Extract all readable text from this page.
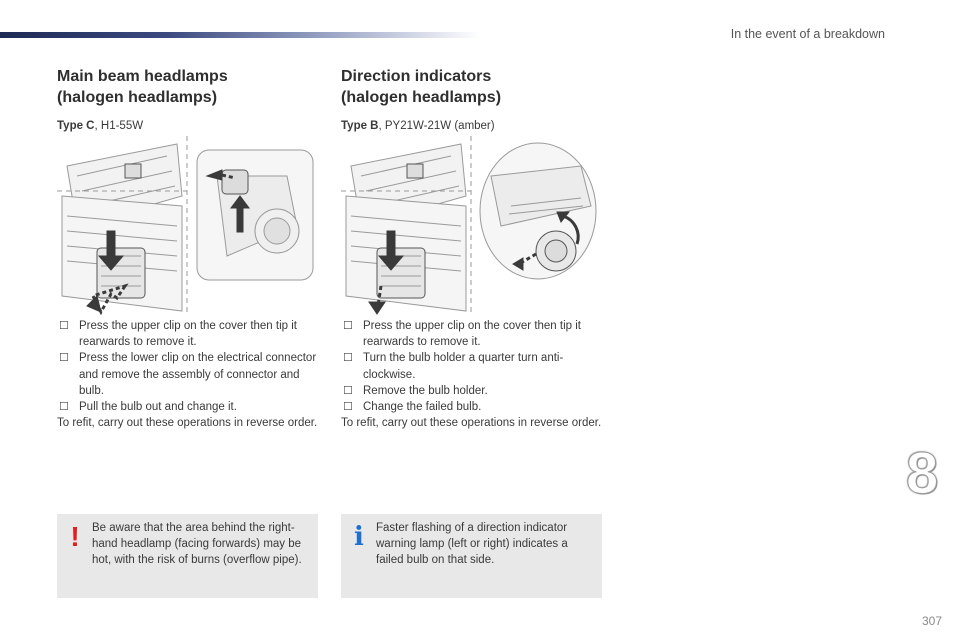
In the event of a breakdown
Main beam headlamps
(halogen headlamps)
Type C, H1-55W
☐ Press the upper clip on the cover then tip it rearwards to remove it.
☐ Press the lower clip on the electrical connector and remove the assembly of connector and bulb.
☐ Pull the bulb out and change it.
To refit, carry out these operations in reverse order.
Direction indicators
(halogen headlamps)
Type B, PY21W-21W (amber)
☐ Press the upper clip on the cover then tip it rearwards to remove it.
☐ Turn the bulb holder a quarter turn anti-clockwise.
☐ Remove the bulb holder.
☐ Change the failed bulb.
To refit, carry out these operations in reverse order.
!	Be aware that the area behind the right-hand headlamp (facing forwards) may be hot, with the risk of burns (overflow pipe).
i	Faster flashing of a direction indicator warning lamp (left or right) indicates a failed bulb on that side.
8
307
